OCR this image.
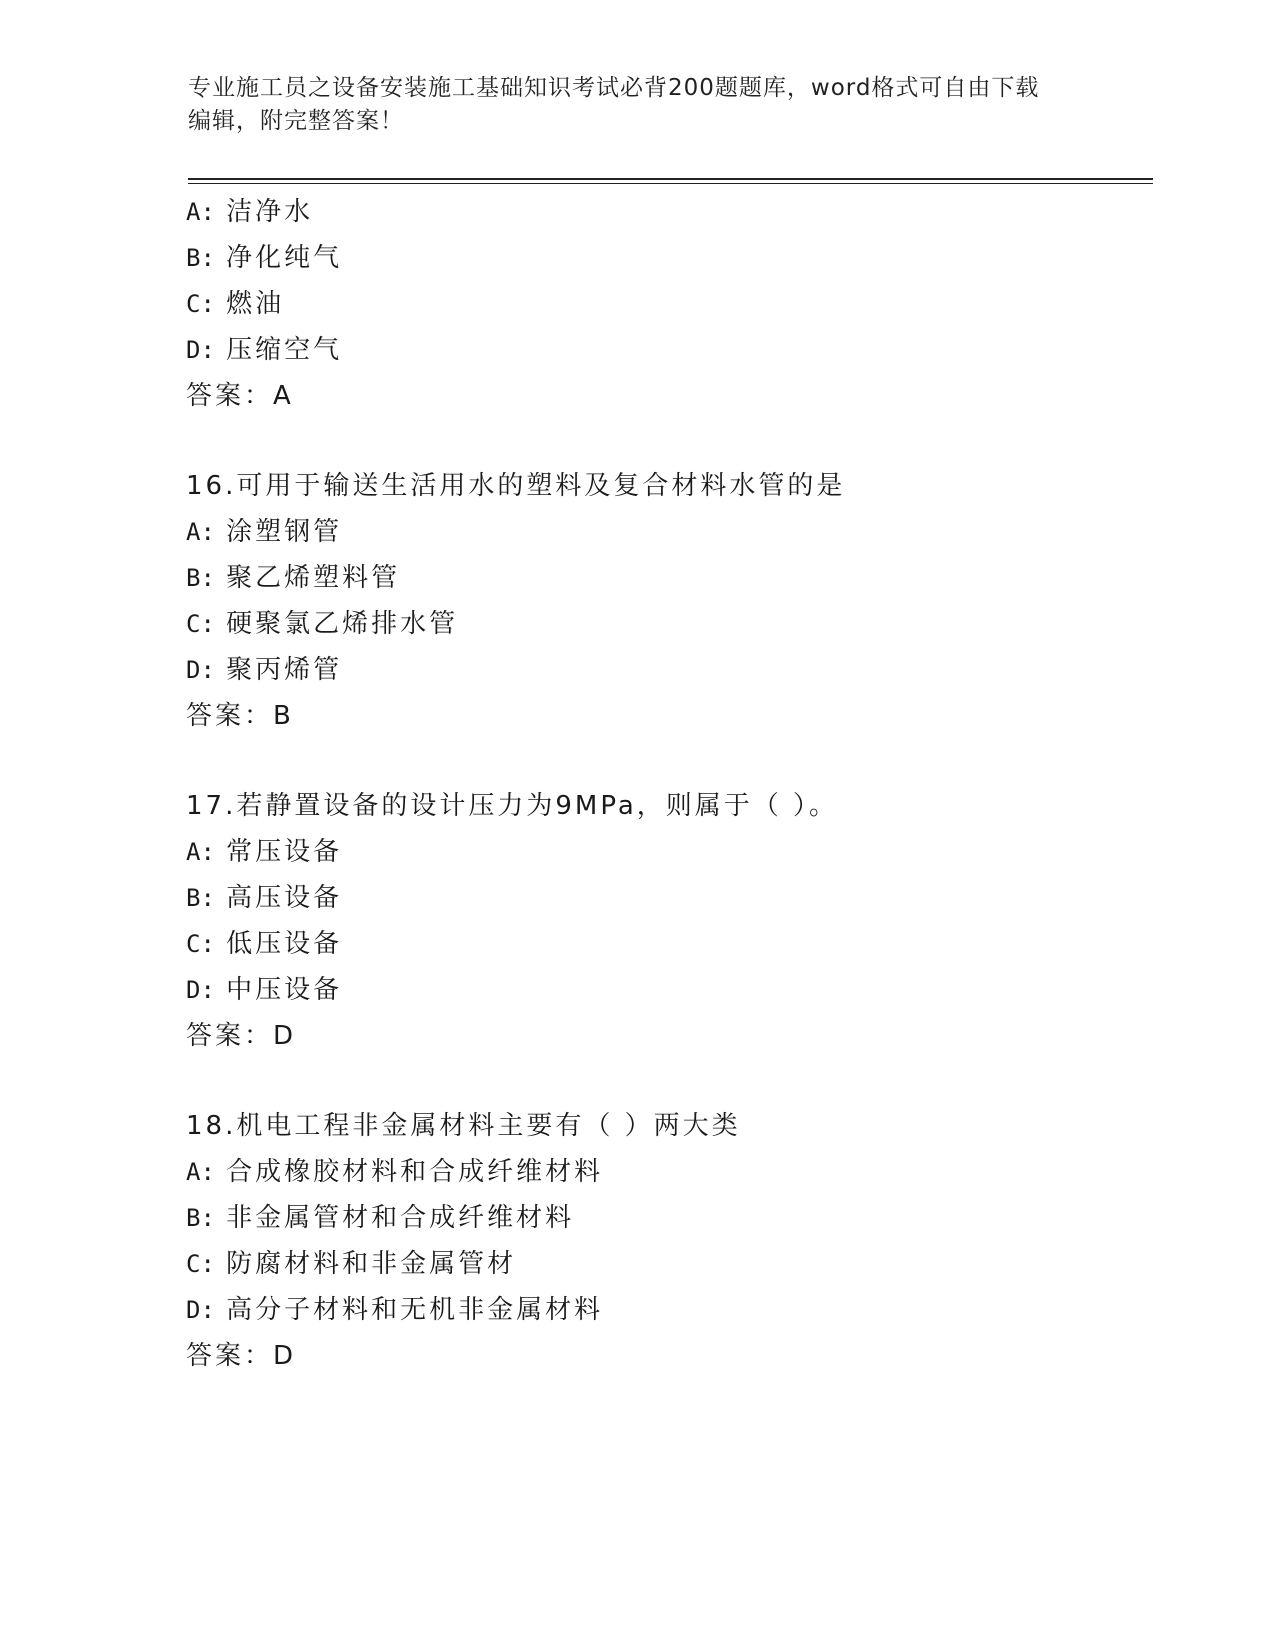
专业施工员之设备安装施工基础知识考试必背200题题库，word格式可自由下载
编辑，附完整答案！
A: 洁净水
B: 净化纯气
C: 燃油
D: 压缩空气
答案：A
16.可用于输送生活用水的塑料及复合材料水管的是
A: 涂塑钢管
B: 聚乙烯塑料管
C: 硬聚氯乙烯排水管
D: 聚丙烯管
答案：B
17.若静置设备的设计压力为9MPa，则属于（ ）。
A: 常压设备
B: 高压设备
C: 低压设备
D: 中压设备
答案：D
18.机电工程非金属材料主要有（ ）两大类
A: 合成橡胶材料和合成纤维材料
B: 非金属管材和合成纤维材料
C: 防腐材料和非金属管材
D: 高分子材料和无机非金属材料
答案：D
